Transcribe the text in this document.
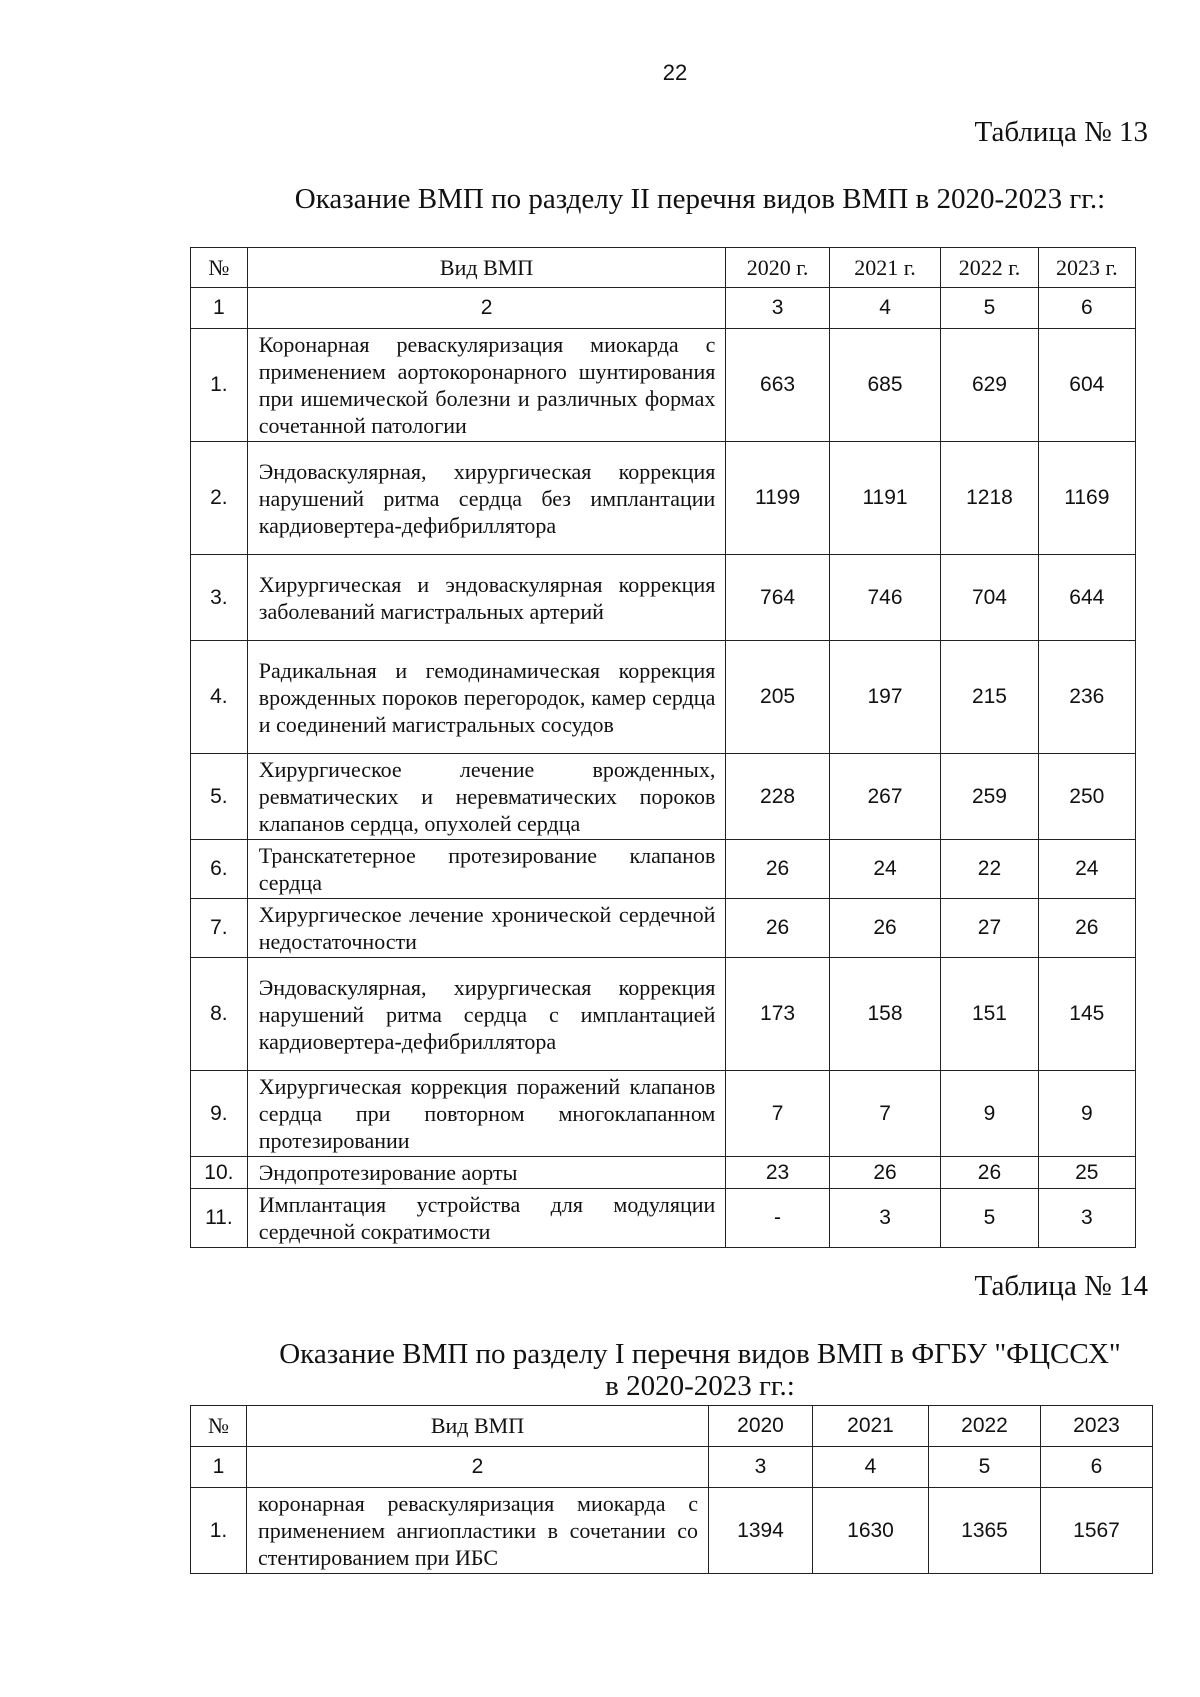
22
Таблица № 13
Оказание ВМП по разделу II перечня видов ВМП в 2020-2023 гг.:
№	Вид ВМП	2020 г.	2021 г.	2022 г.	2023 г.
1	2	3	4	5	6
1.	Коронарная реваскуляризация миокарда с применением аортокоронарного шунтирования при ишемической болезни и различных формах сочетанной патологии	663	685	629	604
2.	Эндоваскулярная, хирургическая коррекция нарушений ритма сердца без имплантации кардиовертера-дефибриллятора	1199	1191	1218	1169
3.	Хирургическая и эндоваскулярная коррекция заболеваний магистральных артерий	764	746	704	644
4.	Радикальная и гемодинамическая коррекция врожденных пороков перегородок, камер сердца и соединений магистральных сосудов	205	197	215	236
5.	Хирургическое лечение врожденных, ревматических и неревматических пороков клапанов сердца, опухолей сердца	228	267	259	250
6.	Транскатетерное протезирование клапанов сердца	26	24	22	24
7.	Хирургическое лечение хронической сердечной недостаточности	26	26	27	26
8.	Эндоваскулярная, хирургическая коррекция нарушений ритма сердца с имплантацией кардиовертера-дефибриллятора	173	158	151	145
9.	Хирургическая коррекция поражений клапанов сердца при повторном многоклапанном протезировании	7	7	9	9
10.	Эндопротезирование аорты	23	26	26	25
11.	Имплантация устройства для модуляции сердечной сократимости	-	3	5	3
Таблица № 14
Оказание ВМП по разделу I перечня видов ВМП в ФГБУ "ФЦССХ"
в 2020-2023 гг.:
№	Вид ВМП	2020	2021	2022	2023
1	2	3	4	5	6
1.	коронарная реваскуляризация миокарда с применением ангиопластики в сочетании со стентированием при ИБС	1394	1630	1365	1567
